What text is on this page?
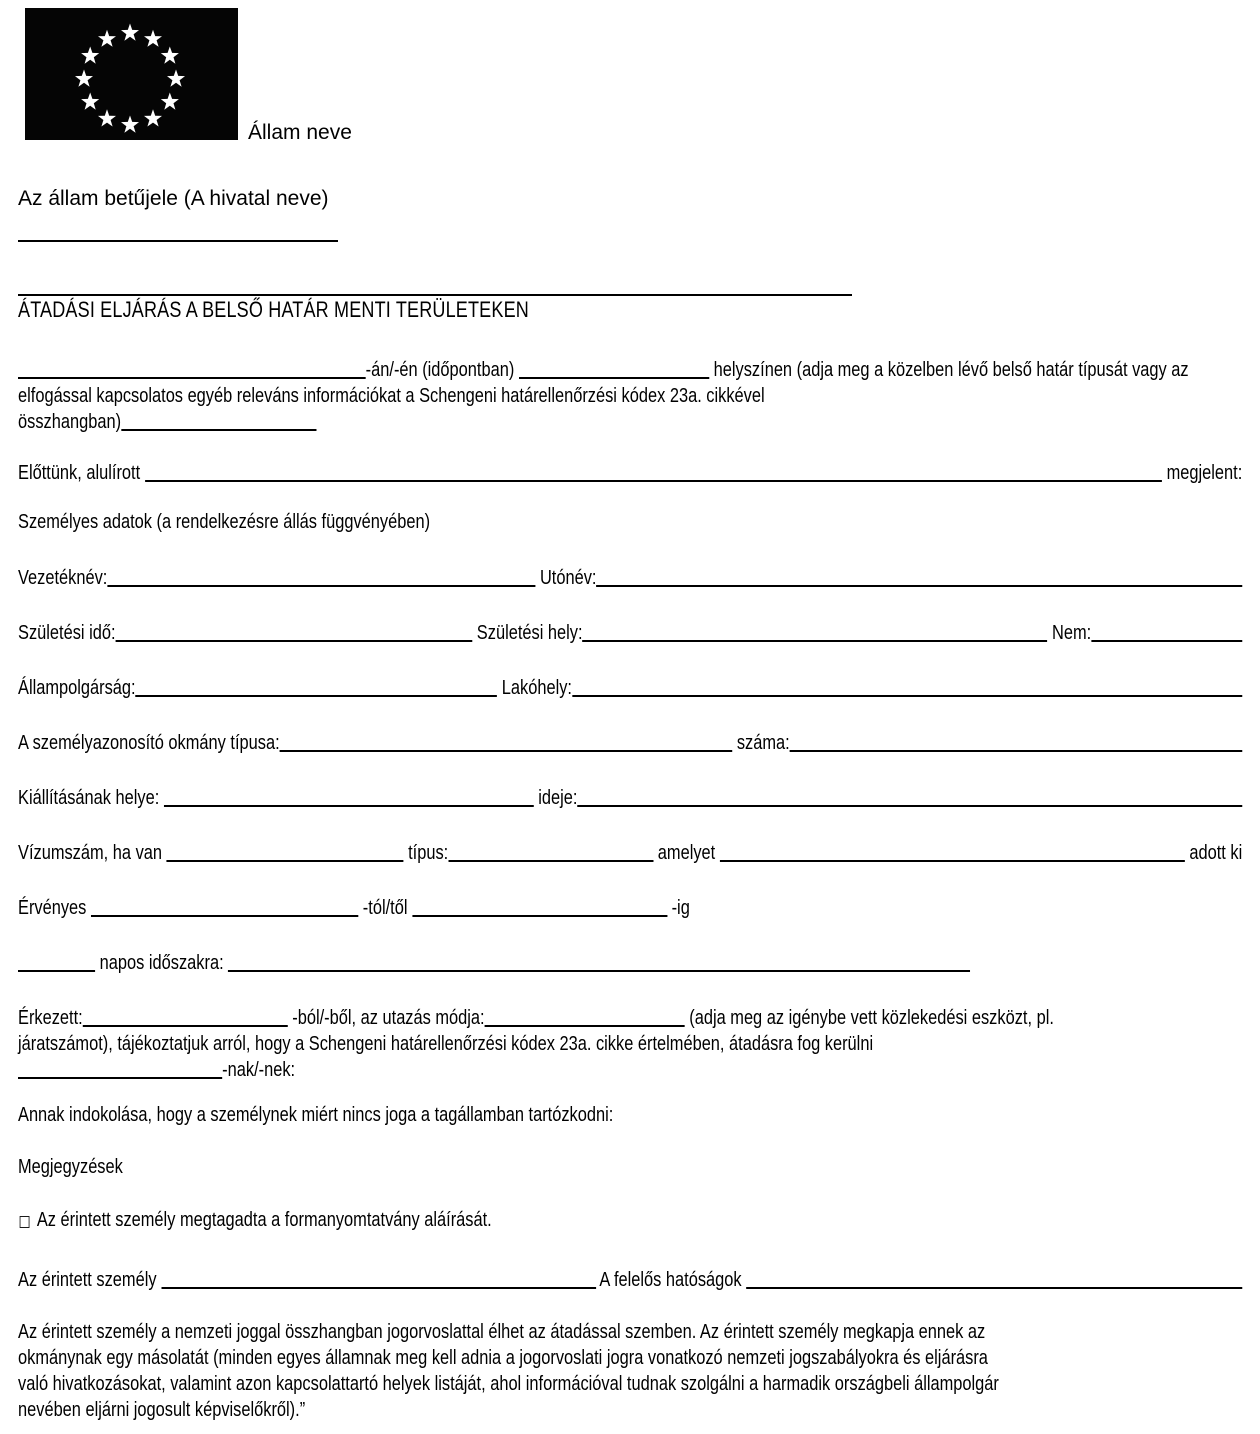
Állam neve
Az állam betűjele (A hivatal neve)
ÁTADÁSI ELJÁRÁS A BELSŐ HATÁR MENTI TERÜLETEKEN
-án/-én (időpontban)	helyszínen (adja meg a közelben lévő belső határ típusát vagy az
elfogással kapcsolatos egyéb releváns információkat a Schengeni határellenőrzési kódex 23a. cikkével
összhangban)
Előttünk, alulírott	megjelent:
Személyes adatok (a rendelkezésre állás függvényében)
Vezetéknév:	Utónév:
Születési idő:	Születési hely:	Nem:
Állampolgárság:	Lakóhely:
A személyazonosító okmány típusa:	száma:
Kiállításának helye:	ideje:
Vízumszám, ha van	típus:	amelyet	adott ki
Érvényes	-tól/től	-ig
napos időszakra:
Érkezett:	-ból/-ből, az utazás módja:	(adja meg az igénybe vett közlekedési eszközt, pl.
járatszámot), tájékoztatjuk arról, hogy a Schengeni határellenőrzési kódex 23a. cikke értelmében, átadásra fog kerülni
-nak/-nek:
Annak indokolása, hogy a személynek miért nincs joga a tagállamban tartózkodni:
Megjegyzések
Az érintett személy megtagadta a formanyomtatvány aláírását.
Az érintett személy	A felelős hatóságok
Az érintett személy a nemzeti joggal összhangban jogorvoslattal élhet az átadással szemben. Az érintett személy megkapja ennek az
okmánynak egy másolatát (minden egyes államnak meg kell adnia a jogorvoslati jogra vonatkozó nemzeti jogszabályokra és eljárásra
való hivatkozásokat, valamint azon kapcsolattartó helyek listáját, ahol információval tudnak szolgálni a harmadik országbeli állampolgár
nevében eljárni jogosult képviselőkről).”
